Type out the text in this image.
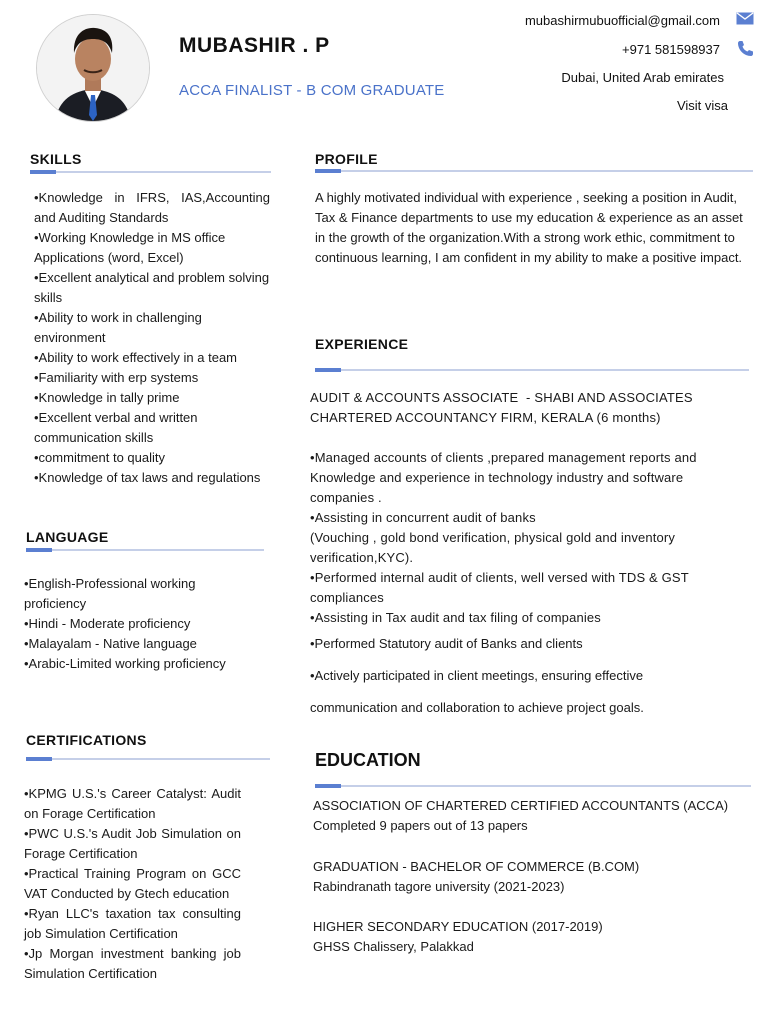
MUBASHIR . P
ACCA FINALIST - B COM GRADUATE
mubashirmubuofficial@gmail.com
+971 581598937
Dubai, United Arab emirates
Visit visa
SKILLS

•Knowledge in IFRS, IAS,Accounting and Auditing Standards

•Working Knowledge in MS office Applications (word, Excel)

•Excellent analytical and problem solving skills

•Ability to work in challenging environment

•Ability to work effectively in a team

•Familiarity with erp systems

•Knowledge in tally prime

•Excellent verbal and written communication skills

•commitment to quality

•Knowledge of tax laws and regulations

LANGUAGE

•English-Professional working proficiency

•Hindi - Moderate proficiency

•Malayalam - Native language

•Arabic-Limited working proficiency

CERTIFICATIONS

•KPMG U.S.'s Career Catalyst: Audit on Forage Certification

•PWC U.S.'s Audit Job Simulation on Forage Certification

•Practical Training Program on GCC VAT Conducted by Gtech education

•Ryan LLC's taxation tax consulting job Simulation Certification

•Jp Morgan investment banking job Simulation Certification

PROFILE
A highly motivated individual with experience , seeking a position in Audit, Tax & Finance departments to use my education & experience as an asset in the growth of the organization.With a strong work ethic, commitment to continuous learning, I am confident in my ability to make a positive impact.
EXPERIENCE

AUDIT & ACCOUNTS ASSOCIATE  - SHABI AND ASSOCIATES

CHARTERED ACCOUNTANCY FIRM, KERALA (6 months)

•Managed accounts of clients ,prepared management reports and Knowledge and experience in technology industry and software companies .

•Assisting in concurrent audit of banks

(Vouching , gold bond verification, physical gold and inventory verification,KYC).

•Performed internal audit of clients, well versed with TDS & GST compliances

•Assisting in Tax audit and tax filing of companies

•Performed Statutory audit of Banks and clients
•Actively participated in client meetings, ensuring effective
communication and collaboration to achieve project goals.
EDUCATION

ASSOCIATION OF CHARTERED CERTIFIED ACCOUNTANTS (ACCA)

Completed 9 papers out of 13 papers

GRADUATION - BACHELOR OF COMMERCE (B.COM)

Rabindranath tagore university (2021-2023)

HIGHER SECONDARY EDUCATION (2017-2019)

GHSS Chalissery, Palakkad
